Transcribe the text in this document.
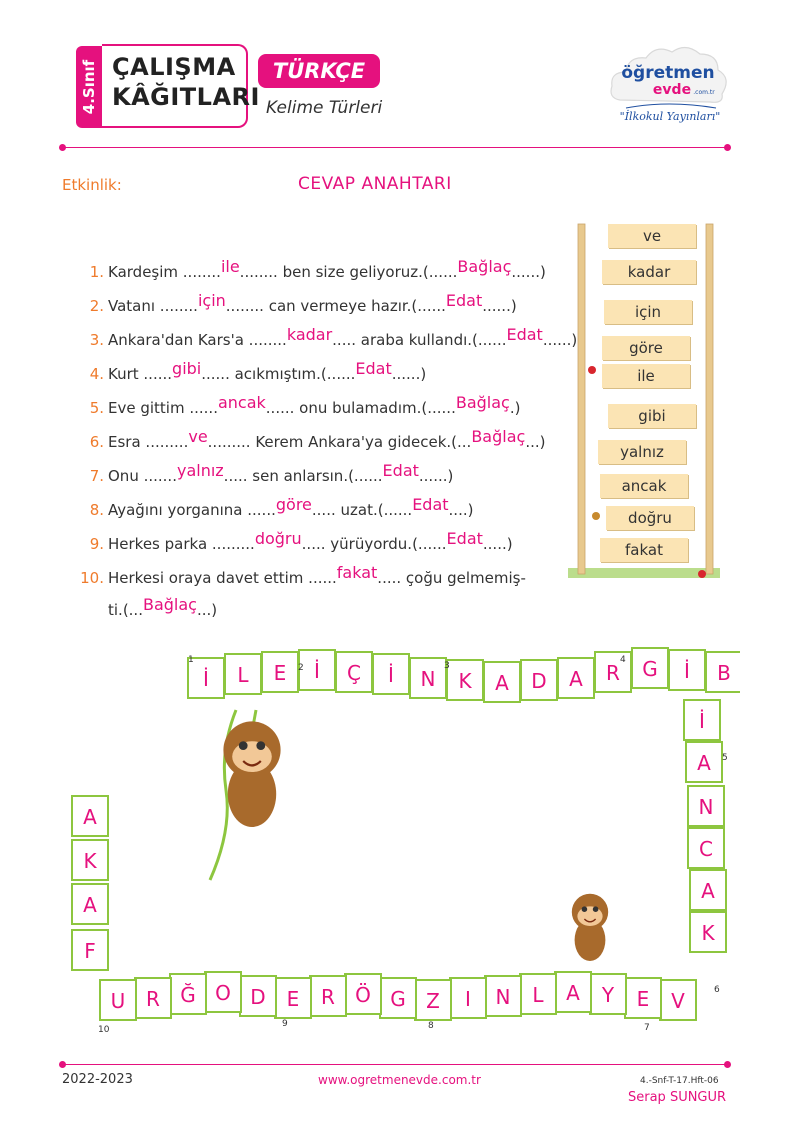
4.Sınıf ÇALIŞMA
KÂĞITLARI
TÜRKÇE
Kelime Türleri
öğretmen
evde .com.tr
"İlkokul Yayınları"
Etkinlik:	CEVAP ANAHTARI
1. Kardeşim ........ile........ ben size geliyoruz.(......Bağlaç......)
2. Vatanı ........için........ can vermeye hazır.(......Edat......)
3. Ankara'dan Kars'a ........kadar..... araba kullandı.(......Edat......)
4. Kurt ......gibi...... acıkmıştım.(......Edat......)
5. Eve gittim ......ancak...... onu bulamadım.(......Bağlaç.)
6. Esra .........ve......... Kerem Ankara'ya gidecek.(...Bağlaç...)
7. Onu .......yalnız..... sen anlarsın.(......Edat......)
8. Ayağını yorganına ......göre..... uzat.(......Edat....)
9. Herkes parka .........doğru..... yürüyordu.(......Edat.....)
10. Herkesi oraya davet ettim ......fakat..... çoğu gelmemiş-
ti.(...Bağlaç...)
ve
kadar
için
göre
ile
gibi
yalnız
ancak
doğru
fakat
İ L E İ Ç İ N K A D A R G İ B
İ
A
N
C
A
K
V
E
Y
A
L
N
I
Z
G
Ö
R
E
D
O
Ğ
R
U
F
A
K
A
1
2	3
4
5
6
7
8
9
10
2022-2023	www.ogretmenevde.com.tr	4.-Snf-T-17.Hft-06
Serap SUNGUR
